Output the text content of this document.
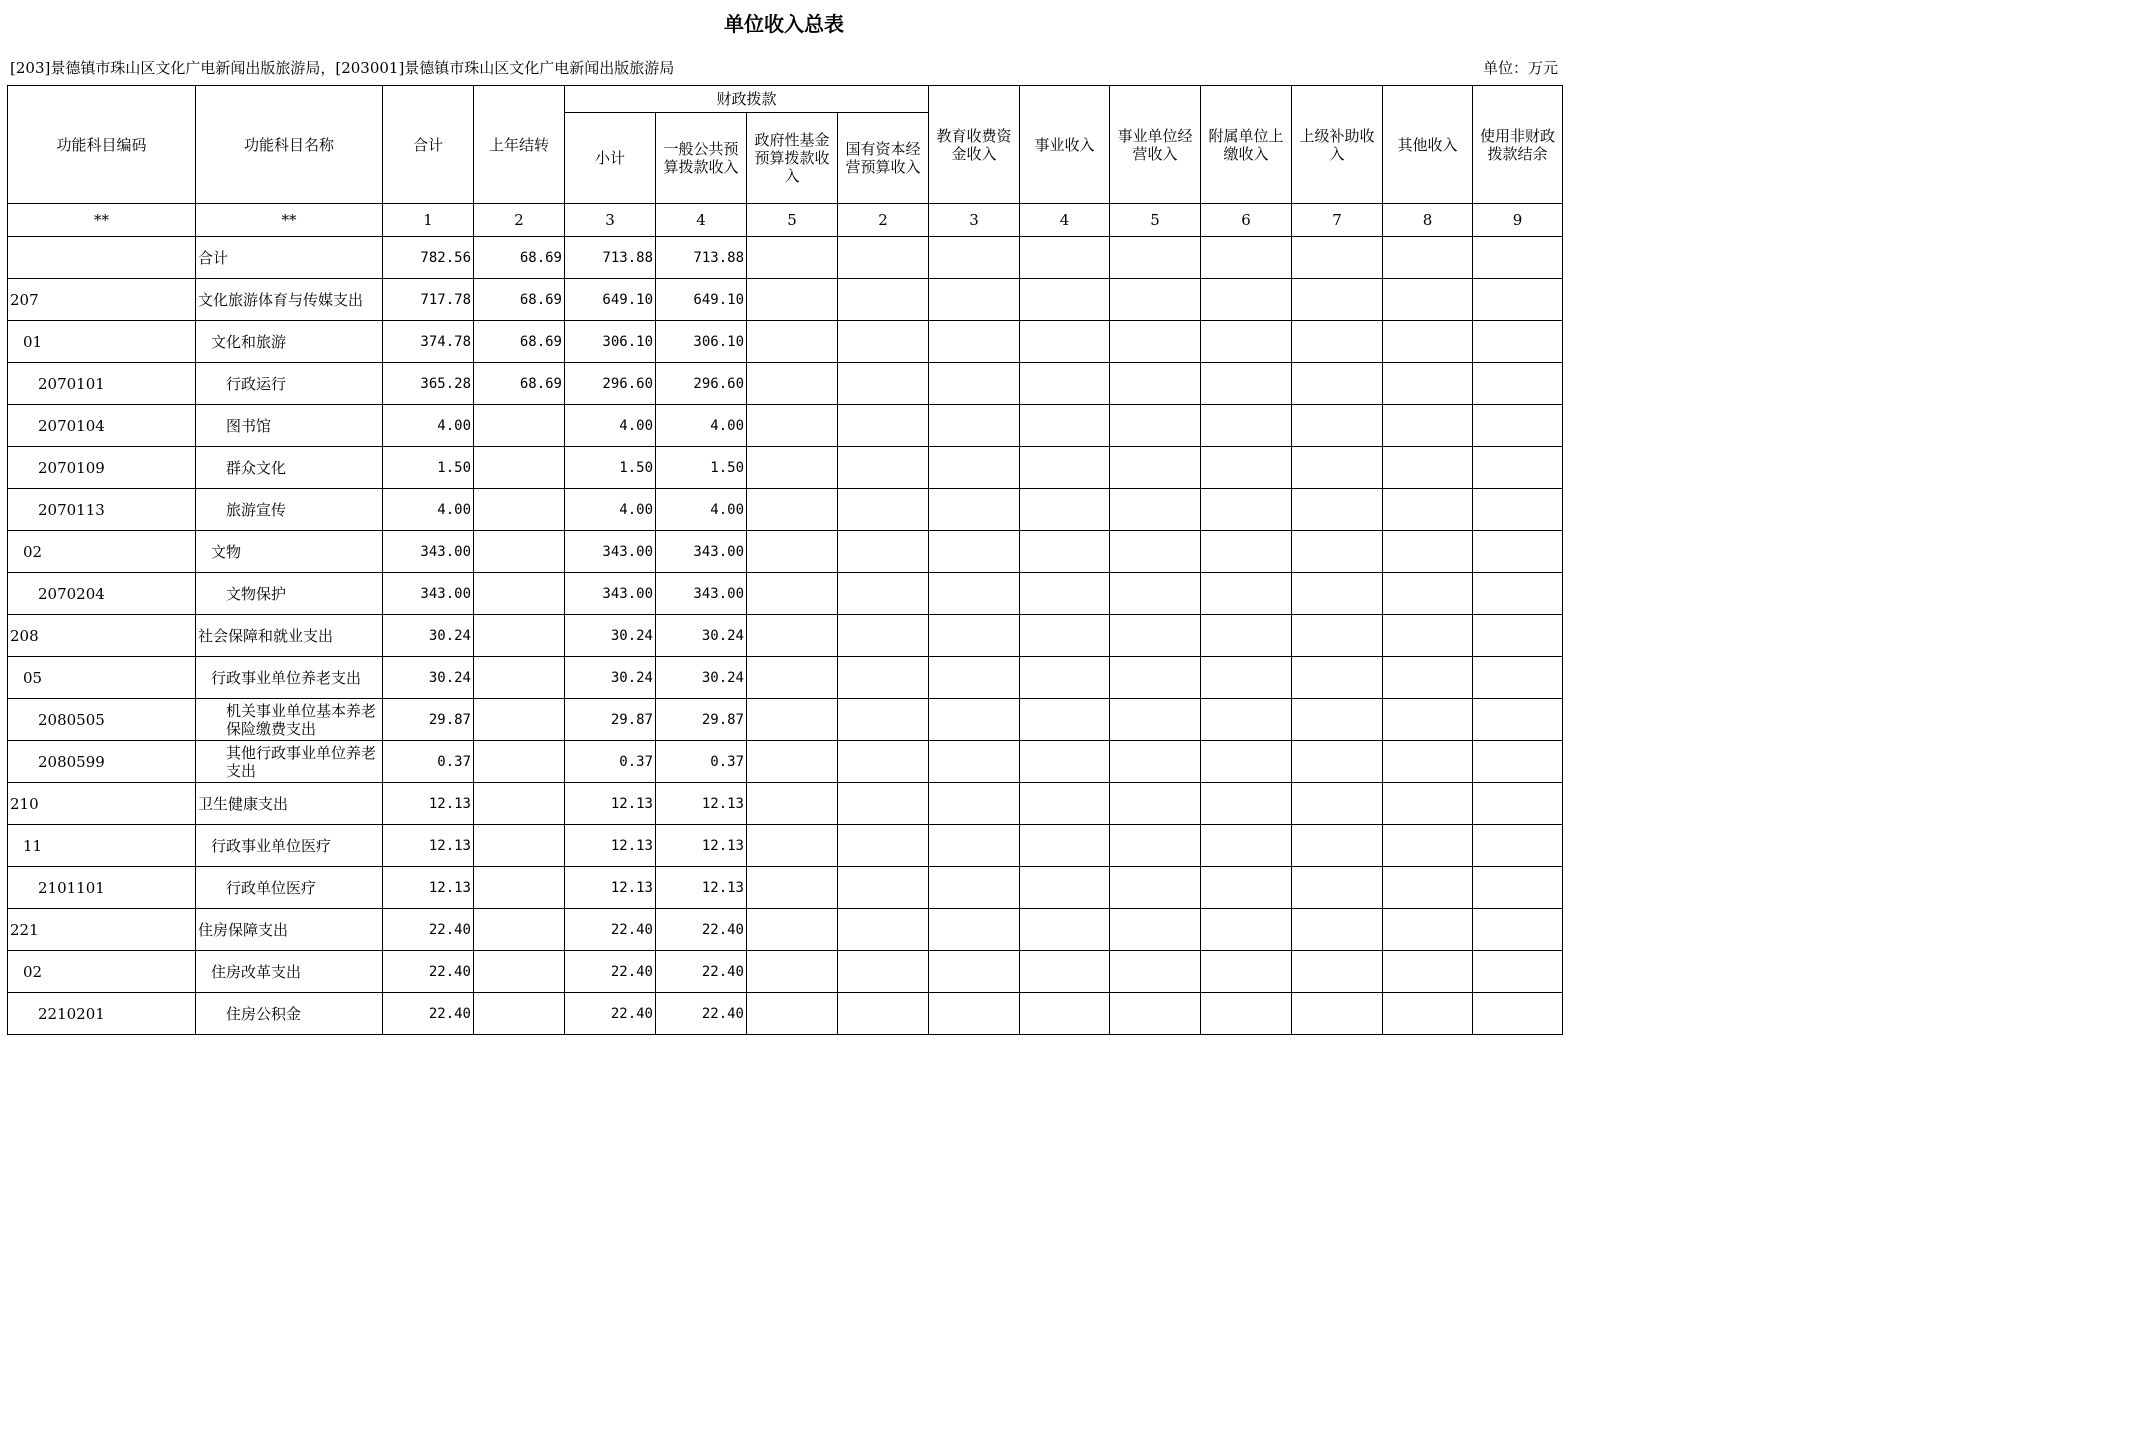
单位收入总表
[203]景德镇市珠山区文化广电新闻出版旅游局，[203001]景德镇市珠山区文化广电新闻出版旅游局	单位：万元
功能科目编码	功能科目名称	合计	上年结转	财政拨款				教育收费资金收入	事业收入	事业单位经营收入	附属单位上缴收入	上级补助收入	其他收入	使用非财政拨款结余
				小计	一般公共预算拨款收入	政府性基金预算拨款收入	国有资本经营预算收入							
**	**	1	2	3	4	5	2	3	4	5	6	7	8	9

	合计	782.56	68.69	713.88	713.88									
207	文化旅游体育与传媒支出	717.78	68.69	649.10	649.10									
01	文化和旅游	374.78	68.69	306.10	306.10									
2070101	行政运行	365.28	68.69	296.60	296.60									
2070104	图书馆	4.00		4.00	4.00									
2070109	群众文化	1.50		1.50	1.50									
2070113	旅游宣传	4.00		4.00	4.00									
02	文物	343.00		343.00	343.00									
2070204	文物保护	343.00		343.00	343.00									
208	社会保障和就业支出	30.24		30.24	30.24									
05	行政事业单位养老支出	30.24		30.24	30.24									
2080505	机关事业单位基本养老保险缴费支出	29.87		29.87	29.87									
2080599	其他行政事业单位养老支出	0.37		0.37	0.37									
210	卫生健康支出	12.13		12.13	12.13									
11	行政事业单位医疗	12.13		12.13	12.13									
2101101	行政单位医疗	12.13		12.13	12.13									
221	住房保障支出	22.40		22.40	22.40									
02	住房改革支出	22.40		22.40	22.40									
2210201	住房公积金	22.40		22.40	22.40									
